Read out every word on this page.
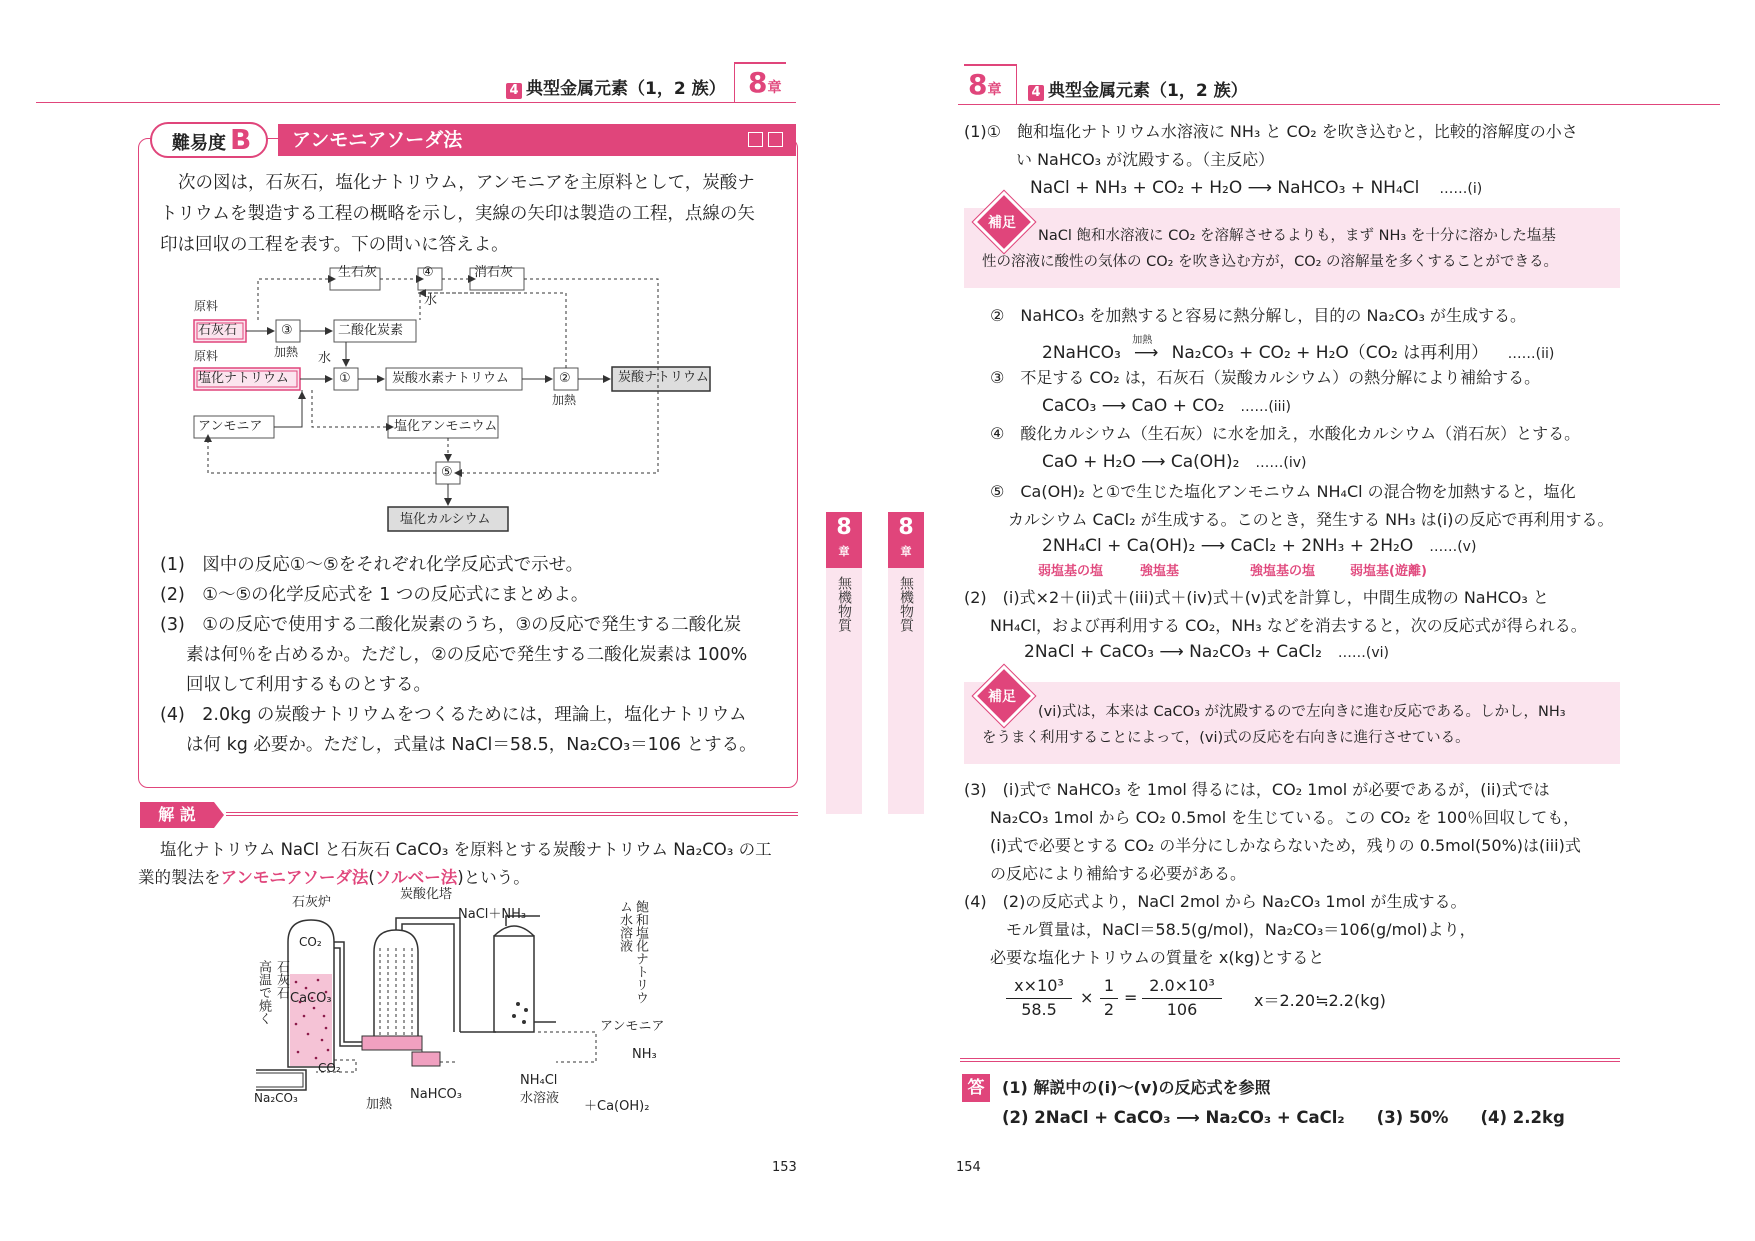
4 典型金属元素（1，2 族） 8章
難易度 B	アンモニアソーダ法
次の図は，石灰石，塩化ナトリウム，アンモニアを主原料として，炭酸ナ
トリウムを製造する工程の概略を示し，実線の矢印は製造の工程，点線の矢
印は回収の工程を表す。下の問いに答えよ。
生石灰	④	消石灰
水
原料
石灰石	③	二酸化炭素
加熱
原料	水
塩化ナトリウム	①	炭酸水素ナトリウム	②	炭酸ナトリウム
加熱
アンモニア	塩化アンモニウム
⑤
塩化カルシウム
(1)　図中の反応①〜⑤をそれぞれ化学反応式で示せ。
(2)　①〜⑤の化学反応式を 1 つの反応式にまとめよ。
(3)　①の反応で使用する二酸化炭素のうち，③の反応で発生する二酸化炭
素は何％を占めるか。ただし，②の反応で発生する二酸化炭素は 100%
回収して利用するものとする。
(4)　2.0kg の炭酸ナトリウムをつくるためには，理論上，塩化ナトリウム
は何 kg 必要か。ただし，式量は NaCl＝58.5，Na₂CO₃＝106 とする。
解 説
塩化ナトリウム NaCl と石灰石 CaCO₃ を原料とする炭酸ナトリウム Na₂CO₃ の工
業的製法をアンモニアソーダ法(ソルベー法)という。
石灰炉
炭酸化塔
NaCl＋NH₃
CO₂
CaCO₃
石灰石
高温で焼く	飽和塩化ナトリウム水溶液
アンモニア
NH₃
CO₂
Na₂CO₃	加熱
NaHCO₃
NH₄Cl
水溶液
＋Ca(OH)₂
8
章
無機物質
8
章
無機物質
8章 4 典型金属元素（1，2 族）
(1)①　飽和塩化ナトリウム水溶液に NH₃ と CO₂ を吹き込むと，比較的溶解度の小さ
い NaHCO₃ が沈殿する。（主反応）
NaCl + NH₃ + CO₂ + H₂O ⟶ NaHCO₃ + NH₄Cl ……(i)
補足
NaCl 飽和水溶液に CO₂ を溶解させるよりも，まず NH₃ を十分に溶かした塩基
性の溶液に酸性の気体の CO₂ を吹き込む方が，CO₂ の溶解量を多くすることができる。
②　NaHCO₃ を加熱すると容易に熱分解し，目的の Na₂CO₃ が生成する。
2NaHCO₃
加熱
⟶ Na₂CO₃ + CO₂ + H₂O（CO₂ は再利用） ……(ii)
③　不足する CO₂ は，石灰石（炭酸カルシウム）の熱分解により補給する。
CaCO₃ ⟶ CaO + CO₂ ……(iii)
④　酸化カルシウム（生石灰）に水を加え，水酸化カルシウム（消石灰）とする。
CaO + H₂O ⟶ Ca(OH)₂ ……(iv)
⑤　Ca(OH)₂ と①で生じた塩化アンモニウム NH₄Cl の混合物を加熱すると，塩化
カルシウム CaCl₂ が生成する。このとき，発生する NH₃ は(i)の反応で再利用する。
2NH₄Cl + Ca(OH)₂ ⟶ CaCl₂ + 2NH₃ + 2H₂O ……(v)
弱塩基の塩	強塩基	強塩基の塩	弱塩基(遊離)
(2)　(i)式×2＋(ii)式＋(iii)式＋(iv)式＋(v)式を計算し，中間生成物の NaHCO₃ と
NH₄Cl，および再利用する CO₂，NH₃ などを消去すると，次の反応式が得られる。
2NaCl + CaCO₃ ⟶ Na₂CO₃ + CaCl₂ ……(vi)
補足
(vi)式は，本来は CaCO₃ が沈殿するので左向きに進む反応である。しかし，NH₃
をうまく利用することによって，(vi)式の反応を右向きに進行させている。
(3)　(i)式で NaHCO₃ を 1mol 得るには，CO₂ 1mol が必要であるが，(ii)式では
Na₂CO₃ 1mol から CO₂ 0.5mol を生じている。この CO₂ を 100％回収しても，
(i)式で必要とする CO₂ の半分にしかならないため，残りの 0.5mol(50%)は(iii)式
の反応により補給する必要がある。
(4)　(2)の反応式より，NaCl 2mol から Na₂CO₃ 1mol が生成する。
モル質量は，NaCl＝58.5(g/mol)，Na₂CO₃＝106(g/mol)より，
必要な塩化ナトリウムの質量を x(kg)とすると
x×10³
58.5
×
1
2
=
2.0×10³
106	x＝2.20≒2.2(kg)
答	(1) 解説中の(i)〜(v)の反応式を参照
(2) 2NaCl + CaCO₃ ⟶ Na₂CO₃ + CaCl₂ (3) 50% (4) 2.2kg
153	154
